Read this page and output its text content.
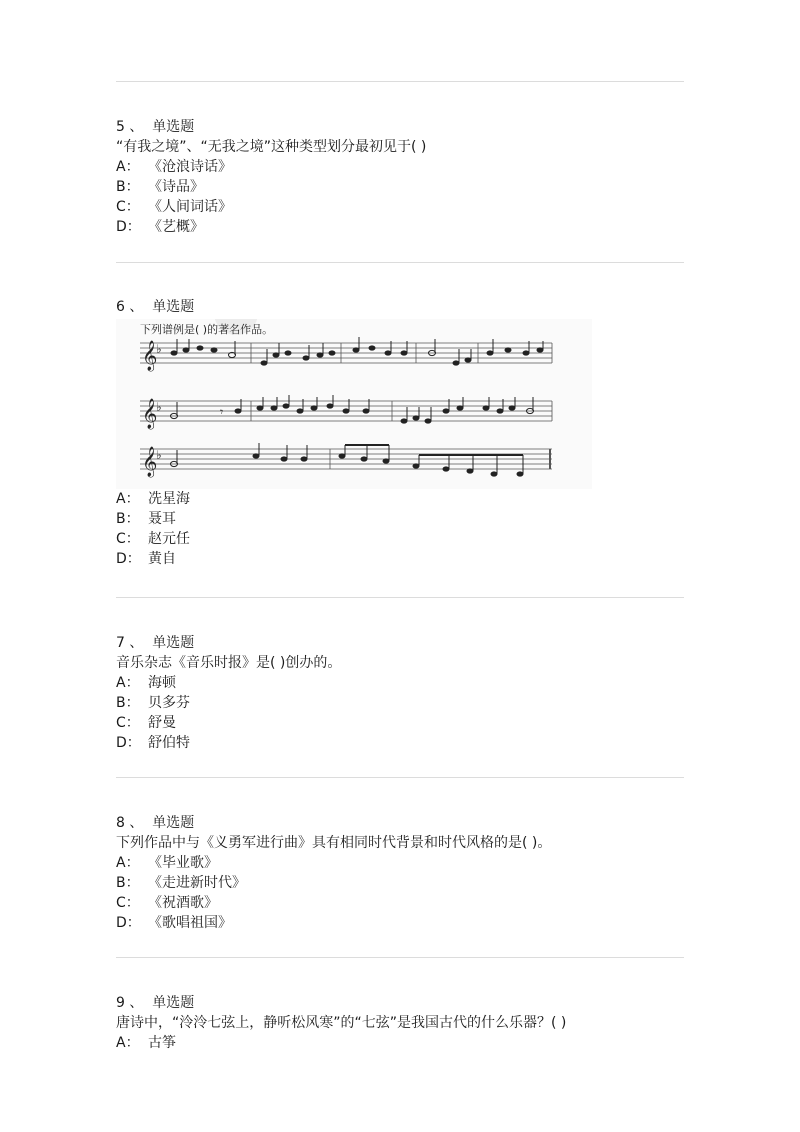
5 、 单选题
“有我之境”、“无我之境”这种类型划分最初见于( )
A： 《沧浪诗话》
B： 《诗品》
C： 《人间词话》
D： 《艺概》
6 、 单选题
下列谱例是( )的著名作品。
𝄞
♭
𝄞
♭	𝄾
𝄞
♭
A： 冼星海
B： 聂耳
C： 赵元任
D： 黄自
7 、 单选题
音乐杂志《音乐时报》是( )创办的。
A： 海顿
B： 贝多芬
C： 舒曼
D： 舒伯特
8 、 单选题
下列作品中与《义勇军进行曲》具有相同时代背景和时代风格的是( )。
A： 《毕业歌》
B： 《走进新时代》
C： 《祝酒歌》
D： 《歌唱祖国》
9 、 单选题
唐诗中，“泠泠七弦上，静听松风寒”的“七弦”是我国古代的什么乐器？( )
A： 古筝
